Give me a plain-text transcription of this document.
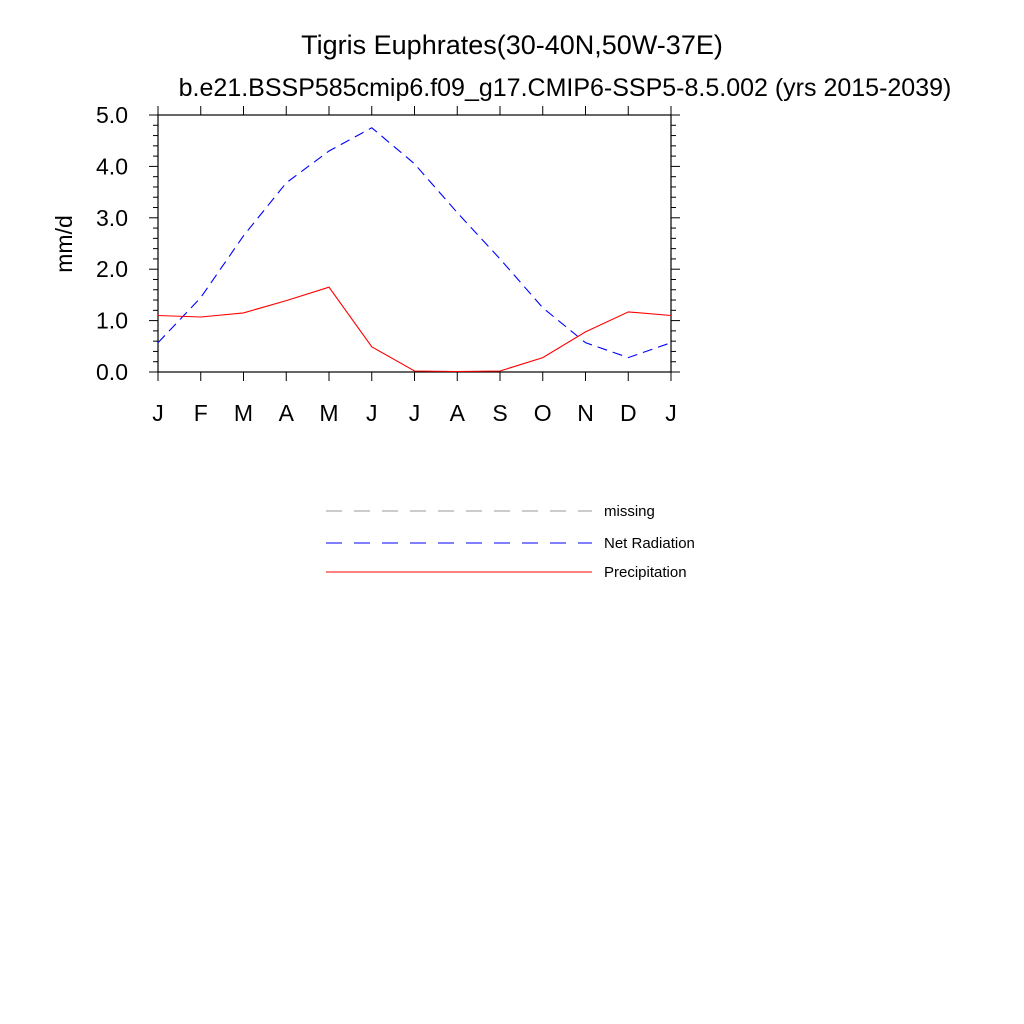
Tigris Euphrates(30-40N,50W-37E)
b.e21.BSSP585cmip6.f09_g17.CMIP6-SSP5-8.5.002 (yrs 2015-2039)
mm/d
0.0
1.0
2.0
3.0
4.0
5.0
J F M A M J J A S O N D J
missing
Net Radiation
Precipitation
